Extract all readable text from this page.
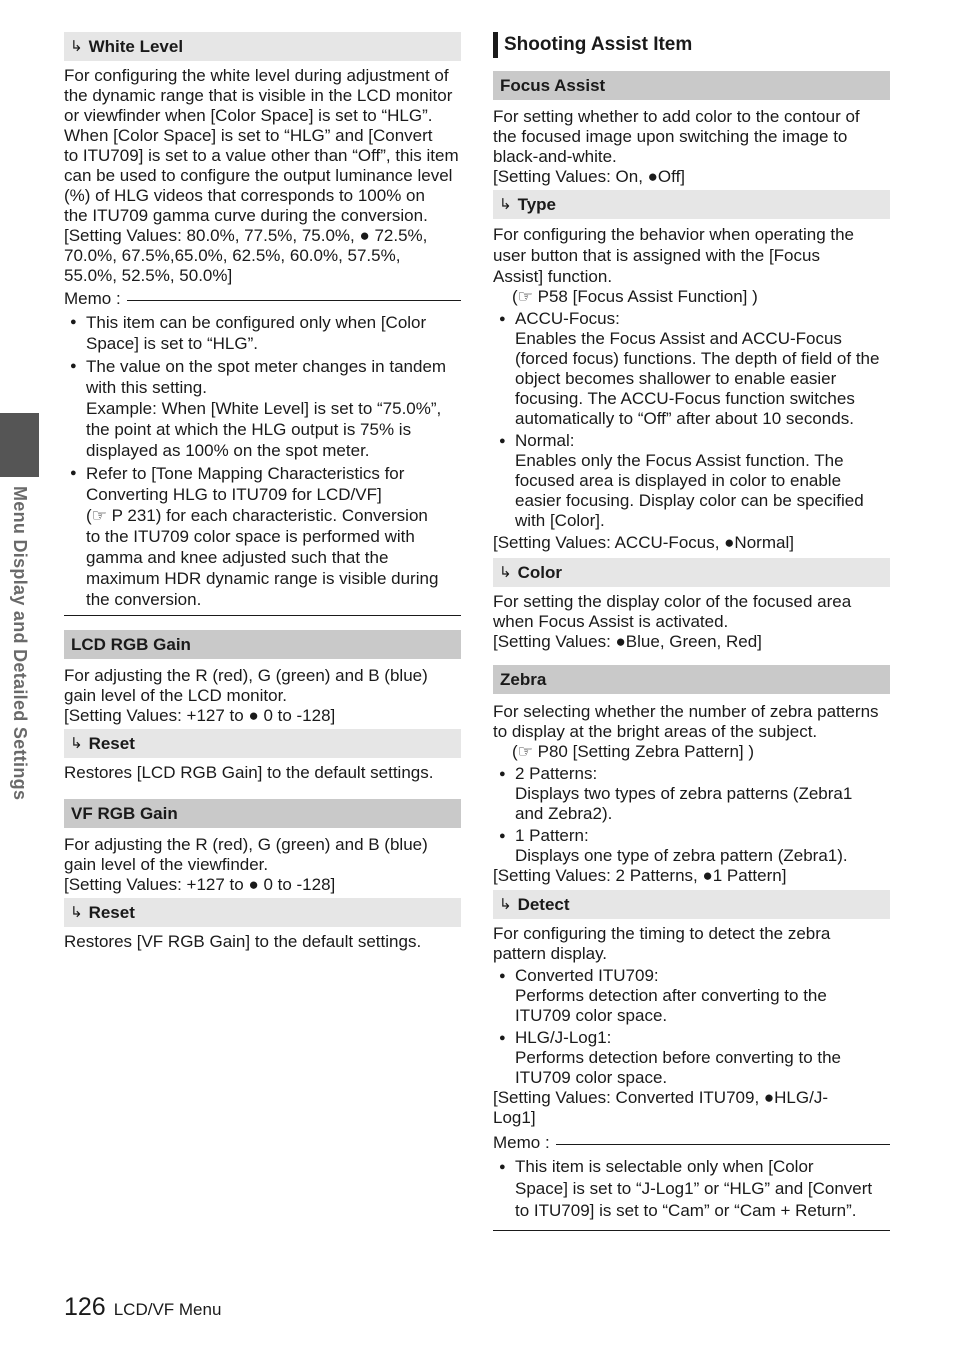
Menu Display and Detailed Settings
↳ White Level
For configuring the white level during adjustment of
the dynamic range that is visible in the LCD monitor
or viewfinder when [Color Space] is set to “HLG”.
When [Color Space] is set to “HLG” and [Convert
to ITU709] is set to a value other than “Off”, this item
can be used to configure the output luminance level
(%) of HLG videos that corresponds to 100% on
the ITU709 gamma curve during the conversion.
[Setting Values: 80.0%, 77.5%, 75.0%, ● 72.5%,
70.0%, 67.5%,65.0%, 62.5%, 60.0%, 57.5%,
55.0%, 52.5%, 50.0%]
Memo :
● This item can be configured only when [Color
Space] is set to “HLG”.
● The value on the spot meter changes in tandem
with this setting.
Example: When [White Level] is set to “75.0%”,
the point at which the HLG output is 75% is
displayed as 100% on the spot meter.
● Refer to [Tone Mapping Characteristics for
Converting HLG to ITU709 for LCD/VF]
(☞ P 231) for each characteristic. Conversion
to the ITU709 color space is performed with
gamma and knee adjusted such that the
maximum HDR dynamic range is visible during
the conversion.
LCD RGB Gain
For adjusting the R (red), G (green) and B (blue)
gain level of the LCD monitor.
[Setting Values: +127 to ● 0 to -128]
↳ Reset

Restores [LCD RGB Gain] to the default settings.

VF RGB Gain
For adjusting the R (red), G (green) and B (blue)
gain level of the viewfinder.
[Setting Values: +127 to ● 0 to -128]
↳ Reset

Restores [VF RGB Gain] to the default settings.

Shooting Assist Item
Focus Assist
For setting whether to add color to the contour of
the focused image upon switching the image to
black-and-white.
[Setting Values: On, ●Off]
↳ Type
For configuring the behavior when operating the
user button that is assigned with the [Focus
Assist] function.

(☞ P58 [Focus Assist Function] )

● ACCU-Focus:
Enables the Focus Assist and ACCU-Focus
(forced focus) functions. The depth of field of the
object becomes shallower to enable easier
focusing. The ACCU-Focus function switches
automatically to “Off” after about 10 seconds.
● Normal:
Enables only the Focus Assist function. The
focused area is displayed in color to enable
easier focusing. Display color can be specified
with [Color].

[Setting Values: ACCU-Focus, ●Normal]

↳ Color
For setting the display color of the focused area
when Focus Assist is activated.
[Setting Values: ●Blue, Green, Red]
Zebra
For selecting whether the number of zebra patterns
to display at the bright areas of the subject.

(☞ P80 [Setting Zebra Pattern] )

● 2 Patterns:
Displays two types of zebra patterns (Zebra1
and Zebra2).
● 1 Pattern:
Displays one type of zebra pattern (Zebra1).

[Setting Values: 2 Patterns, ●1 Pattern]

↳ Detect
For configuring the timing to detect the zebra
pattern display.
● Converted ITU709:
Performs detection after converting to the
ITU709 color space.
● HLG/J-Log1:
Performs detection before converting to the
ITU709 color space.
[Setting Values: Converted ITU709, ●HLG/J-
Log1]
Memo :
● This item is selectable only when [Color
Space] is set to “J-Log1” or “HLG” and [Convert
to ITU709] is set to “Cam” or “Cam + Return”.
126 LCD/VF Menu
